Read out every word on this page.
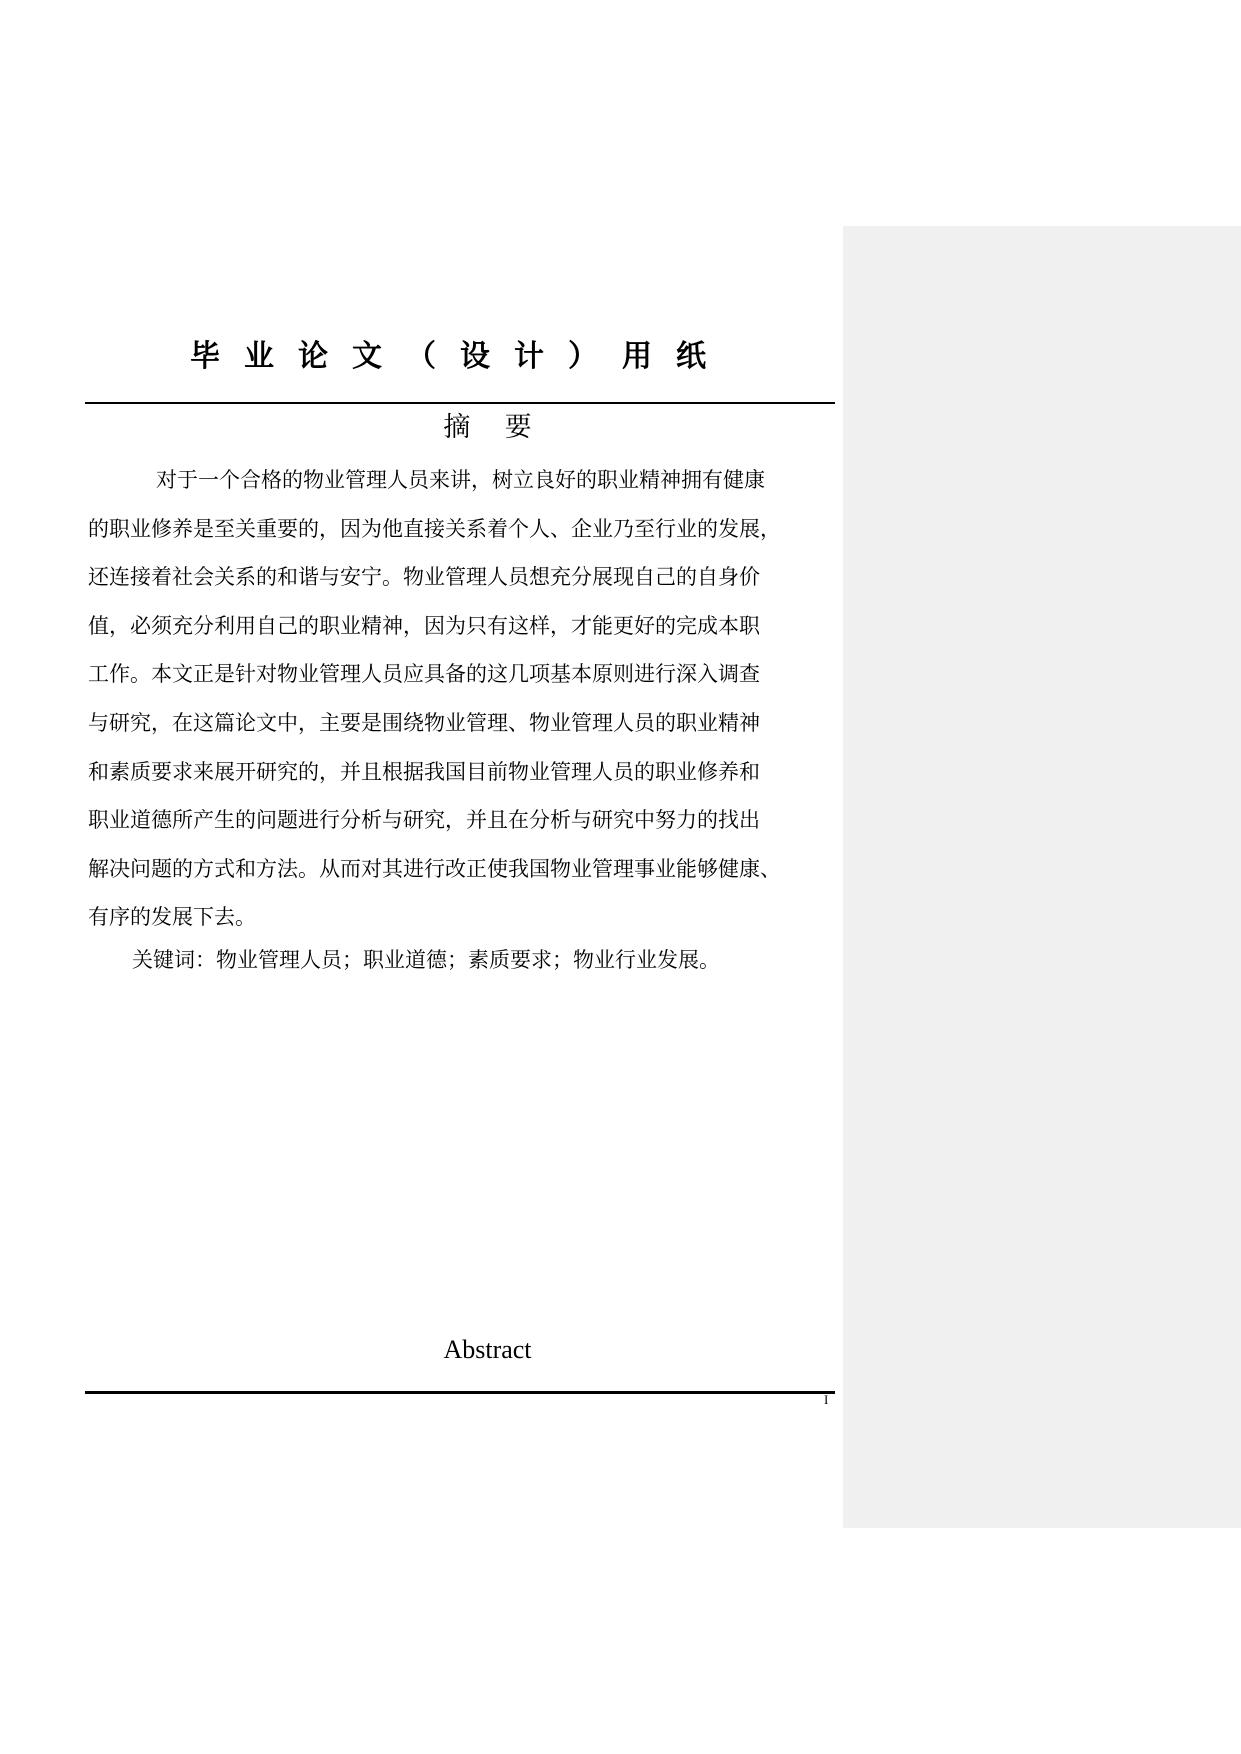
毕业论文（设计）用纸
摘    要
对于一个合格的物业管理人员来讲，树立良好的职业精神拥有健康
的职业修养是至关重要的，因为他直接关系着个人、企业乃至行业的发展，
还连接着社会关系的和谐与安宁。物业管理人员想充分展现自己的自身价
值，必须充分利用自己的职业精神，因为只有这样，才能更好的完成本职
工作。本文正是针对物业管理人员应具备的这几项基本原则进行深入调查
与研究，在这篇论文中，主要是围绕物业管理、物业管理人员的职业精神
和素质要求来展开研究的，并且根据我国目前物业管理人员的职业修养和
职业道德所产生的问题进行分析与研究，并且在分析与研究中努力的找出
解决问题的方式和方法。从而对其进行改正使我国物业管理事业能够健康、
有序的发展下去。
关键词：物业管理人员；职业道德；素质要求；物业行业发展。
Abstract
I
